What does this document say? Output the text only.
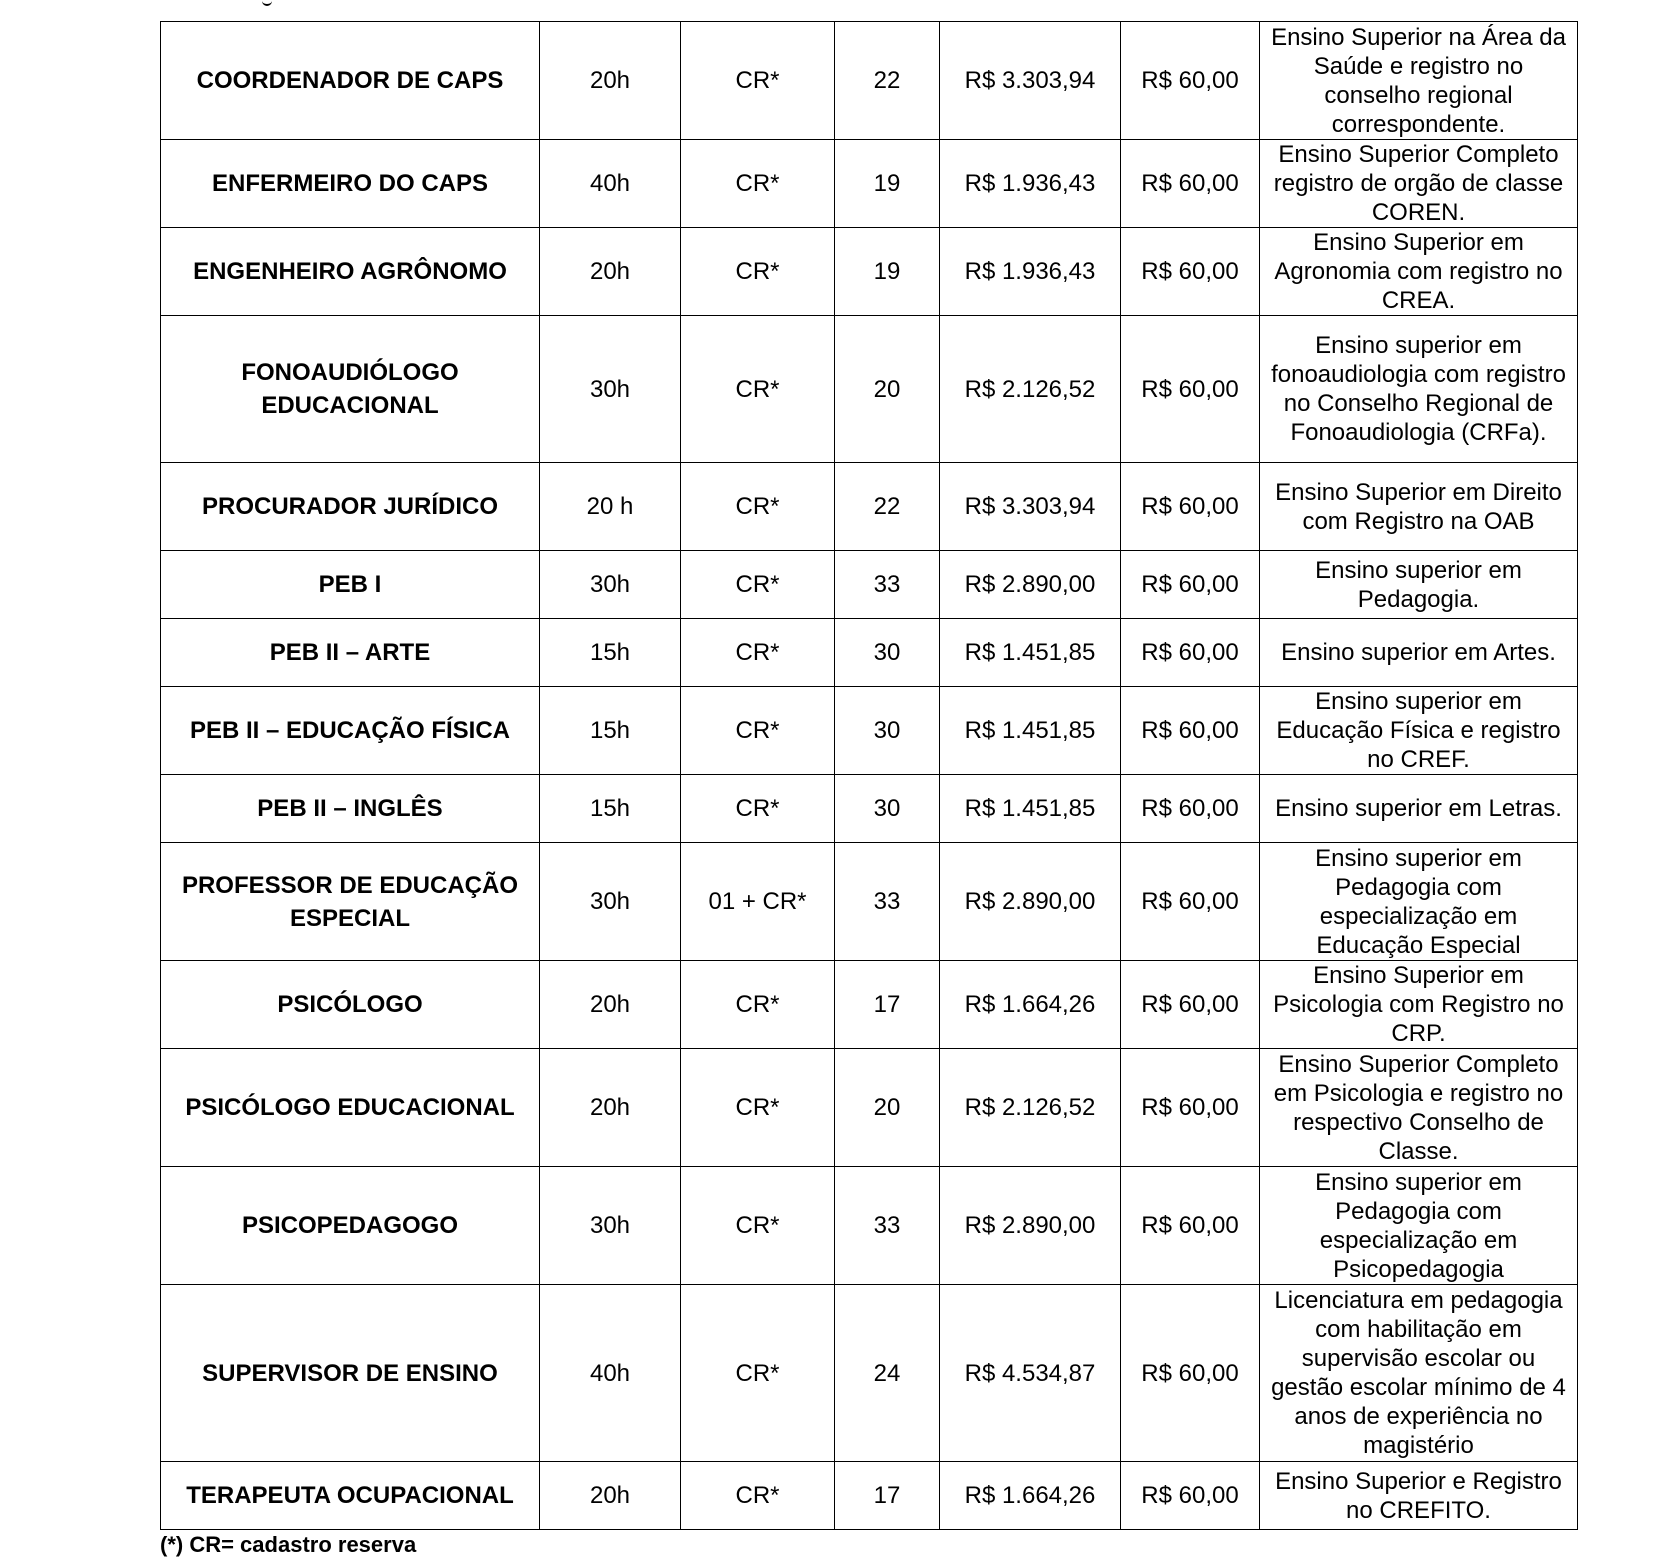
COORDENADOR DE CAPS	20h	CR*	22	R$ 3.303,94	R$ 60,00	Ensino Superior na Área da Saúde e registro no conselho regional correspondente.
ENFERMEIRO DO CAPS	40h	CR*	19	R$ 1.936,43	R$ 60,00	Ensino Superior Completo registro de orgão de classe COREN.
ENGENHEIRO AGRÔNOMO	20h	CR*	19	R$ 1.936,43	R$ 60,00	Ensino Superior em Agronomia com registro no CREA.
FONOAUDIÓLOGO EDUCACIONAL	30h	CR*	20	R$ 2.126,52	R$ 60,00	Ensino superior em fonoaudiologia com registro no Conselho Regional de Fonoaudiologia (CRFa).
PROCURADOR JURÍDICO	20 h	CR*	22	R$ 3.303,94	R$ 60,00	Ensino Superior em Direito com Registro na OAB
PEB I	30h	CR*	33	R$ 2.890,00	R$ 60,00	Ensino superior em Pedagogia.
PEB II – ARTE	15h	CR*	30	R$ 1.451,85	R$ 60,00	Ensino superior em Artes.
PEB II – EDUCAÇÃO FÍSICA	15h	CR*	30	R$ 1.451,85	R$ 60,00	Ensino superior em Educação Física e registro no CREF.
PEB II – INGLÊS	15h	CR*	30	R$ 1.451,85	R$ 60,00	Ensino superior em Letras.
PROFESSOR DE EDUCAÇÃO ESPECIAL	30h	01 + CR*	33	R$ 2.890,00	R$ 60,00	Ensino superior em Pedagogia com especialização em Educação Especial
PSICÓLOGO	20h	CR*	17	R$ 1.664,26	R$ 60,00	Ensino Superior em Psicologia com Registro no CRP.
PSICÓLOGO EDUCACIONAL	20h	CR*	20	R$ 2.126,52	R$ 60,00	Ensino Superior Completo em Psicologia e registro no respectivo Conselho de Classe.
PSICOPEDAGOGO	30h	CR*	33	R$ 2.890,00	R$ 60,00	Ensino superior em Pedagogia com especialização em Psicopedagogia
SUPERVISOR DE ENSINO	40h	CR*	24	R$ 4.534,87	R$ 60,00	Licenciatura em pedagogia com habilitação em supervisão escolar ou gestão escolar mínimo de 4 anos de experiência no magistério
TERAPEUTA OCUPACIONAL	20h	CR*	17	R$ 1.664,26	R$ 60,00	Ensino Superior e Registro no CREFITO.
(*) CR= cadastro reserva
